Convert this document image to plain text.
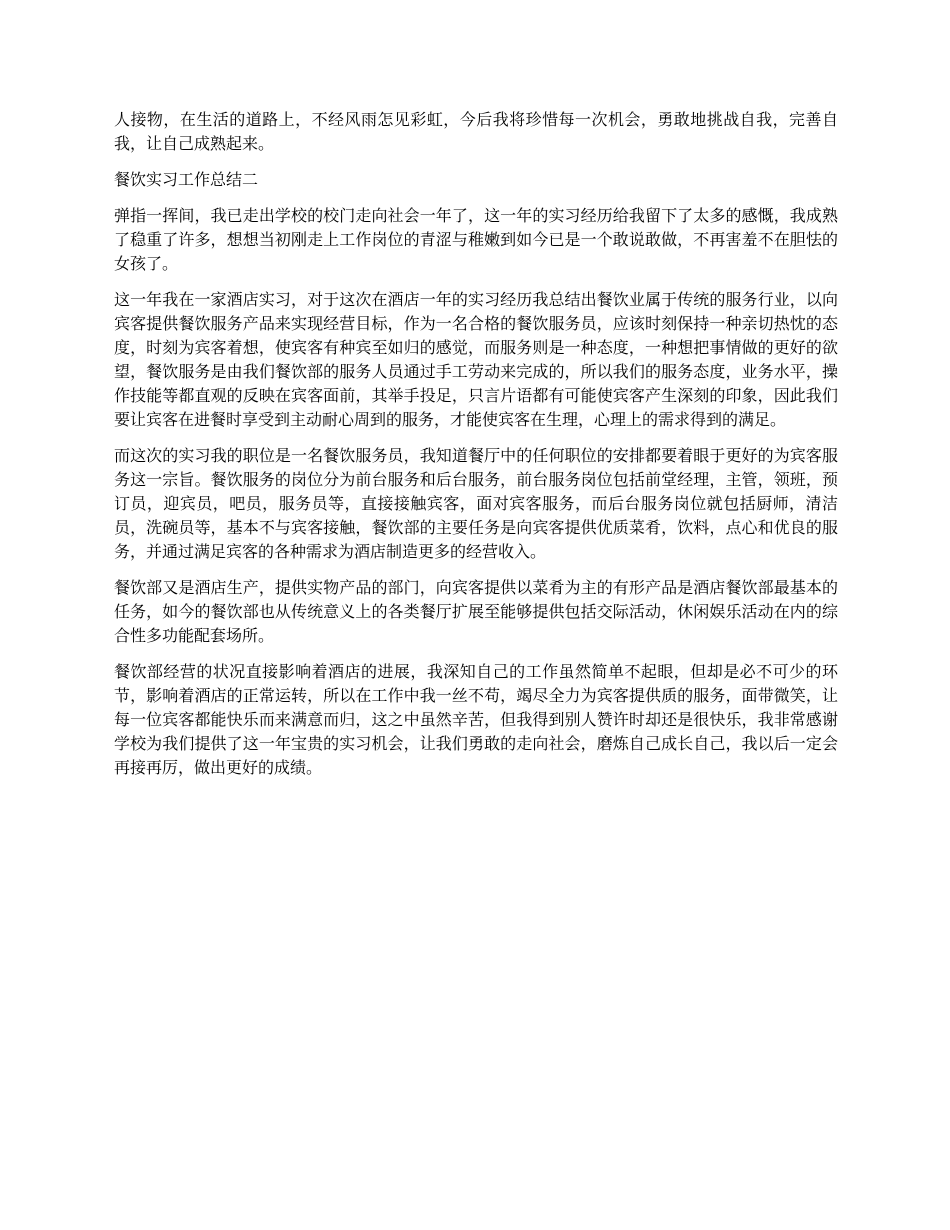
人接物，在生活的道路上，不经风雨怎见彩虹，今后我将珍惜每一次机会，勇敢地挑战自我，完善自我，让自己成熟起来。

餐饮实习工作总结二

弹指一挥间，我已走出学校的校门走向社会一年了，这一年的实习经历给我留下了太多的感慨，我成熟了稳重了许多，想想当初刚走上工作岗位的青涩与稚嫩到如今已是一个敢说敢做，不再害羞不在胆怯的女孩了。

这一年我在一家酒店实习，对于这次在酒店一年的实习经历我总结出餐饮业属于传统的服务行业，以向宾客提供餐饮服务产品来实现经营目标，作为一名合格的餐饮服务员，应该时刻保持一种亲切热忱的态度，时刻为宾客着想，使宾客有种宾至如归的感觉，而服务则是一种态度，一种想把事情做的更好的欲望，餐饮服务是由我们餐饮部的服务人员通过手工劳动来完成的，所以我们的服务态度，业务水平，操作技能等都直观的反映在宾客面前，其举手投足，只言片语都有可能使宾客产生深刻的印象，因此我们要让宾客在进餐时享受到主动耐心周到的服务，才能使宾客在生理，心理上的需求得到的满足。

而这次的实习我的职位是一名餐饮服务员，我知道餐厅中的任何职位的安排都要着眼于更好的为宾客服务这一宗旨。餐饮服务的岗位分为前台服务和后台服务，前台服务岗位包括前堂经理，主管，领班，预订员，迎宾员，吧员，服务员等，直接接触宾客，面对宾客服务，而后台服务岗位就包括厨师，清洁员，洗碗员等，基本不与宾客接触，餐饮部的主要任务是向宾客提供优质菜肴，饮料，点心和优良的服务，并通过满足宾客的各种需求为酒店制造更多的经营收入。

餐饮部又是酒店生产，提供实物产品的部门，向宾客提供以菜肴为主的有形产品是酒店餐饮部最基本的任务，如今的餐饮部也从传统意义上的各类餐厅扩展至能够提供包括交际活动，休闲娱乐活动在内的综合性多功能配套场所。

餐饮部经营的状况直接影响着酒店的进展，我深知自己的工作虽然简单不起眼，但却是必不可少的环节，影响着酒店的正常运转，所以在工作中我一丝不苟，竭尽全力为宾客提供质的服务，面带微笑，让每一位宾客都能快乐而来满意而归，这之中虽然辛苦，但我得到别人赞许时却还是很快乐，我非常感谢学校为我们提供了这一年宝贵的实习机会，让我们勇敢的走向社会，磨炼自己成长自己，我以后一定会再接再厉，做出更好的成绩。
